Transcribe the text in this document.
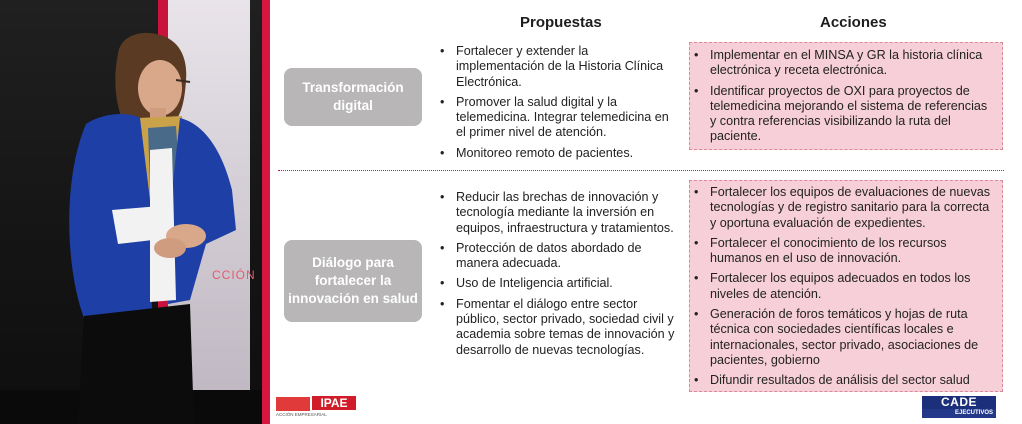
CCIÓN
Propuestas	Acciones
Transformación digital
• Fortalecer y extender la implementación de la Historia Clínica Electrónica.
• Promover la salud digital y la telemedicina. Integrar telemedicina en el primer nivel de atención.
• Monitoreo remoto de pacientes.
• Implementar en el MINSA y GR la historia clínica electrónica y receta electrónica.
• Identificar proyectos de OXI para proyectos de telemedicina mejorando el sistema de referencias y contra referencias visibilizando la ruta del paciente.
Diálogo para fortalecer la innovación en salud
• Reducir las brechas de innovación y tecnología mediante la inversión en equipos, infraestructura y tratamientos.
• Protección de datos abordado de manera adecuada.
• Uso de Inteligencia artificial.
• Fomentar el diálogo entre sector público, sector privado, sociedad civil y academia sobre temas de innovación y desarrollo de nuevas tecnologías.
• Fortalecer los equipos de evaluaciones de nuevas tecnologías y de registro sanitario para la correcta y oportuna evaluación de expedientes.
• Fortalecer el conocimiento de los recursos humanos en el uso de innovación.
• Fortalecer los equipos adecuados en todos los niveles de atención.
• Generación de foros temáticos y hojas de ruta técnica con sociedades científicas locales e internacionales, sector privado, asociaciones de pacientes, gobierno
• Difundir resultados de análisis del sector salud
IPAE
ACCIÓN EMPRESARIAL
CADE
EJECUTIVOS
